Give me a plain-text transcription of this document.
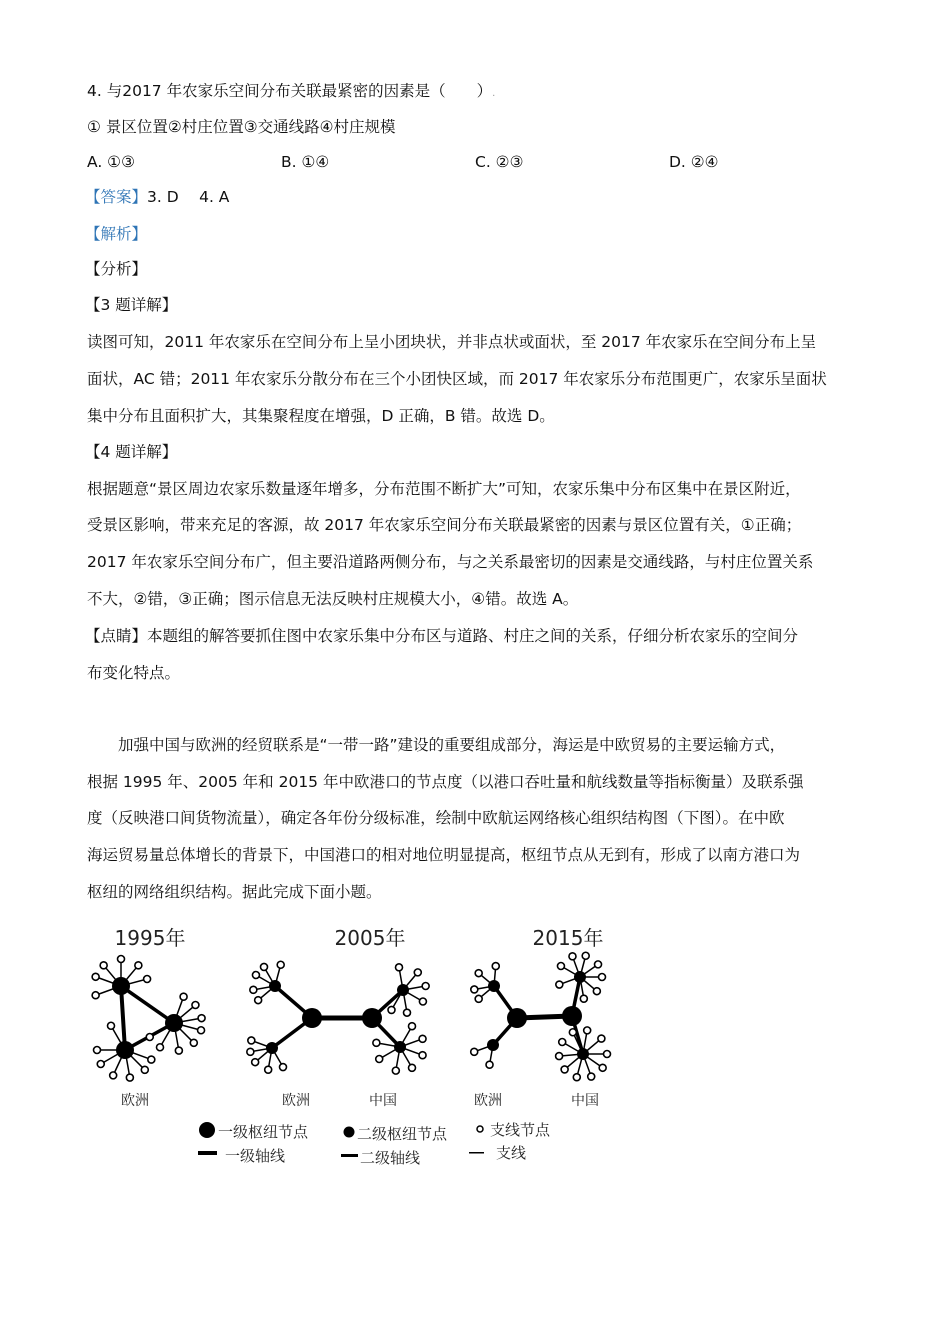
4. 与2017 年农家乐空间分布关联最紧密的因素是（　　）.
① 景区位置②村庄位置③交通线路④村庄规模
A. ①③	B. ①④	C. ②③	D. ②④
【答案】3. D　 4. A
【解析】
【分析】
【3 题详解】
读图可知，2011 年农家乐在空间分布上呈小团块状，并非点状或面状，至 2017 年农家乐在空间分布上呈
面状，AC 错；2011 年农家乐分散分布在三个小团快区域，而 2017 年农家乐分布范围更广，农家乐呈面状
集中分布且面积扩大，其集聚程度在增强，D 正确，B 错。故选 D。
【4 题详解】
根据题意“景区周边农家乐数量逐年增多，分布范围不断扩大”可知，农家乐集中分布区集中在景区附近，
受景区影响，带来充足的客源，故 2017 年农家乐空间分布关联最紧密的因素与景区位置有关，①正确；
2017 年农家乐空间分布广，但主要沿道路两侧分布，与之关系最密切的因素是交通线路，与村庄位置关系
不大，②错，③正确；图示信息无法反映村庄规模大小，④错。故选 A。
【点睛】本题组的解答要抓住图中农家乐集中分布区与道路、村庄之间的关系，仔细分析农家乐的空间分
布变化特点。
　　加强中国与欧洲的经贸联系是“一带一路”建设的重要组成部分，海运是中欧贸易的主要运输方式，
根据 1995 年、2005 年和 2015 年中欧港口的节点度（以港口吞吐量和航线数量等指标衡量）及联系强
度（反映港口间货物流量），确定各年份分级标准，绘制中欧航运网络核心组织结构图（下图）。在中欧
海运贸易量总体增长的背景下，中国港口的相对地位明显提高，枢纽节点从无到有，形成了以南方港口为
枢纽的网络组织结构。据此完成下面小题。
1995年	2005年	2015年
欧洲	欧洲	中国	欧洲	中国
一级枢纽节点	二级枢纽节点	支线节点
一级轴线	二级轴线	支线
